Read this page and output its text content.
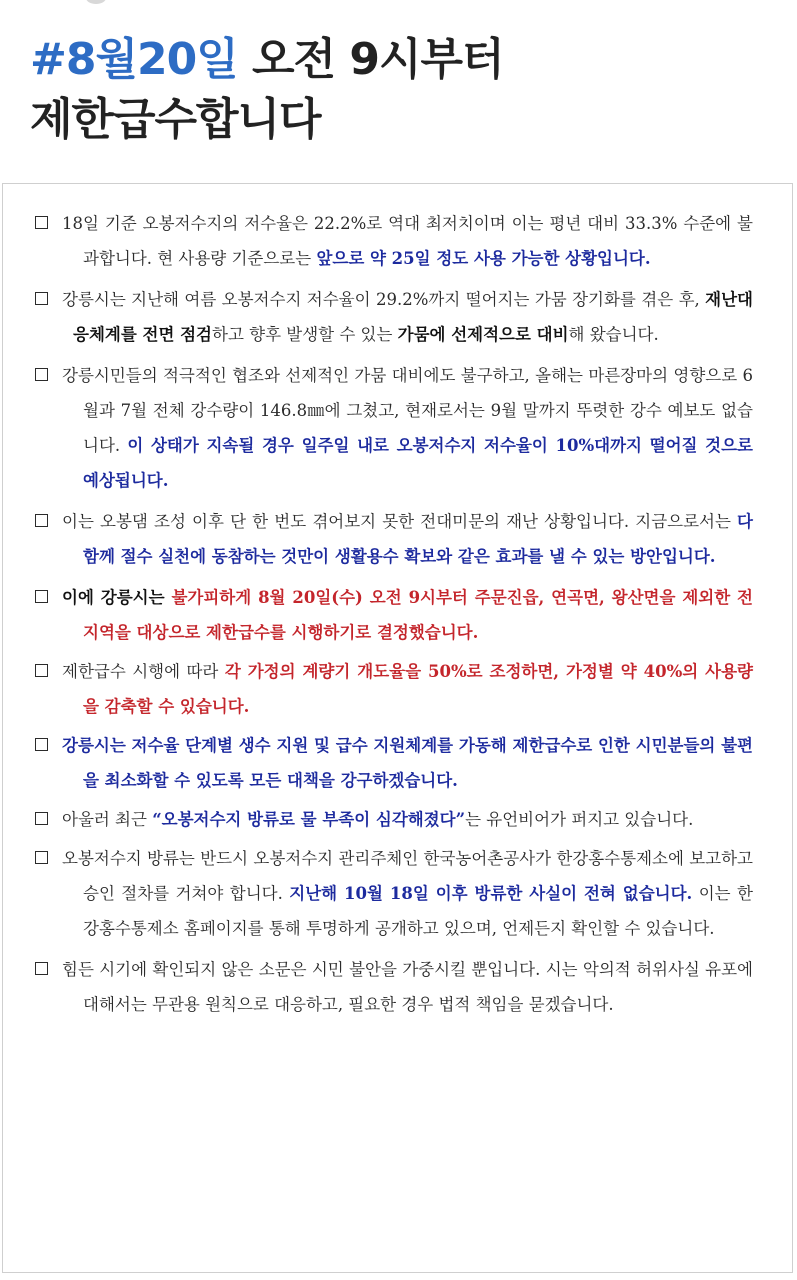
#8월20일 오전 9시부터
제한급수합니다

18일 기준 오봉저수지의 저수율은 22.2%로 역대 최저치이며 이는 평년 대비 33.3% 수준에 불과합니다. 현 사용량 기준으로는 앞으로 약 25일 정도 사용 가능한 상황입니다.

강릉시는 지난해 여름 오봉저수지 저수율이 29.2%까지 떨어지는 가뭄 장기화를 겪은 후, 재난대응체계를 전면 점검하고 향후 발생할 수 있는 가뭄에 선제적으로 대비해 왔습니다.

강릉시민들의 적극적인 협조와 선제적인 가뭄 대비에도 불구하고, 올해는 마른장마의 영향으로 6월과 7월 전체 강수량이 146.8㎜에 그쳤고, 현재로서는 9월 말까지 뚜렷한 강수 예보도 없습니다. 이 상태가 지속될 경우 일주일 내로 오봉저수지 저수율이 10%대까지 떨어질 것으로 예상됩니다.

이는 오봉댐 조성 이후 단 한 번도 겪어보지 못한 전대미문의 재난 상황입니다. 지금으로서는 다 함께 절수 실천에 동참하는 것만이 생활용수 확보와 같은 효과를 낼 수 있는 방안입니다.

이에 강릉시는 불가피하게 8월 20일(수) 오전 9시부터 주문진읍, 연곡면, 왕산면을 제외한 전 지역을 대상으로 제한급수를 시행하기로 결정했습니다.

제한급수 시행에 따라 각 가정의 계량기 개도율을 50%로 조정하면, 가정별 약 40%의 사용량을 감축할 수 있습니다.

강릉시는 저수율 단계별 생수 지원 및 급수 지원체계를 가동해 제한급수로 인한 시민분들의 불편을 최소화할 수 있도록 모든 대책을 강구하겠습니다.

아울러 최근 “오봉저수지 방류로 물 부족이 심각해졌다”는 유언비어가 퍼지고 있습니다.

오봉저수지 방류는 반드시 오봉저수지 관리주체인 한국농어촌공사가 한강홍수통제소에 보고하고 승인 절차를 거쳐야 합니다. 지난해 10월 18일 이후 방류한 사실이 전혀 없습니다. 이는 한강홍수통제소 홈페이지를 통해 투명하게 공개하고 있으며, 언제든지 확인할 수 있습니다.

힘든 시기에 확인되지 않은 소문은 시민 불안을 가중시킬 뿐입니다. 시는 악의적 허위사실 유포에 대해서는 무관용 원칙으로 대응하고, 필요한 경우 법적 책임을 묻겠습니다.
